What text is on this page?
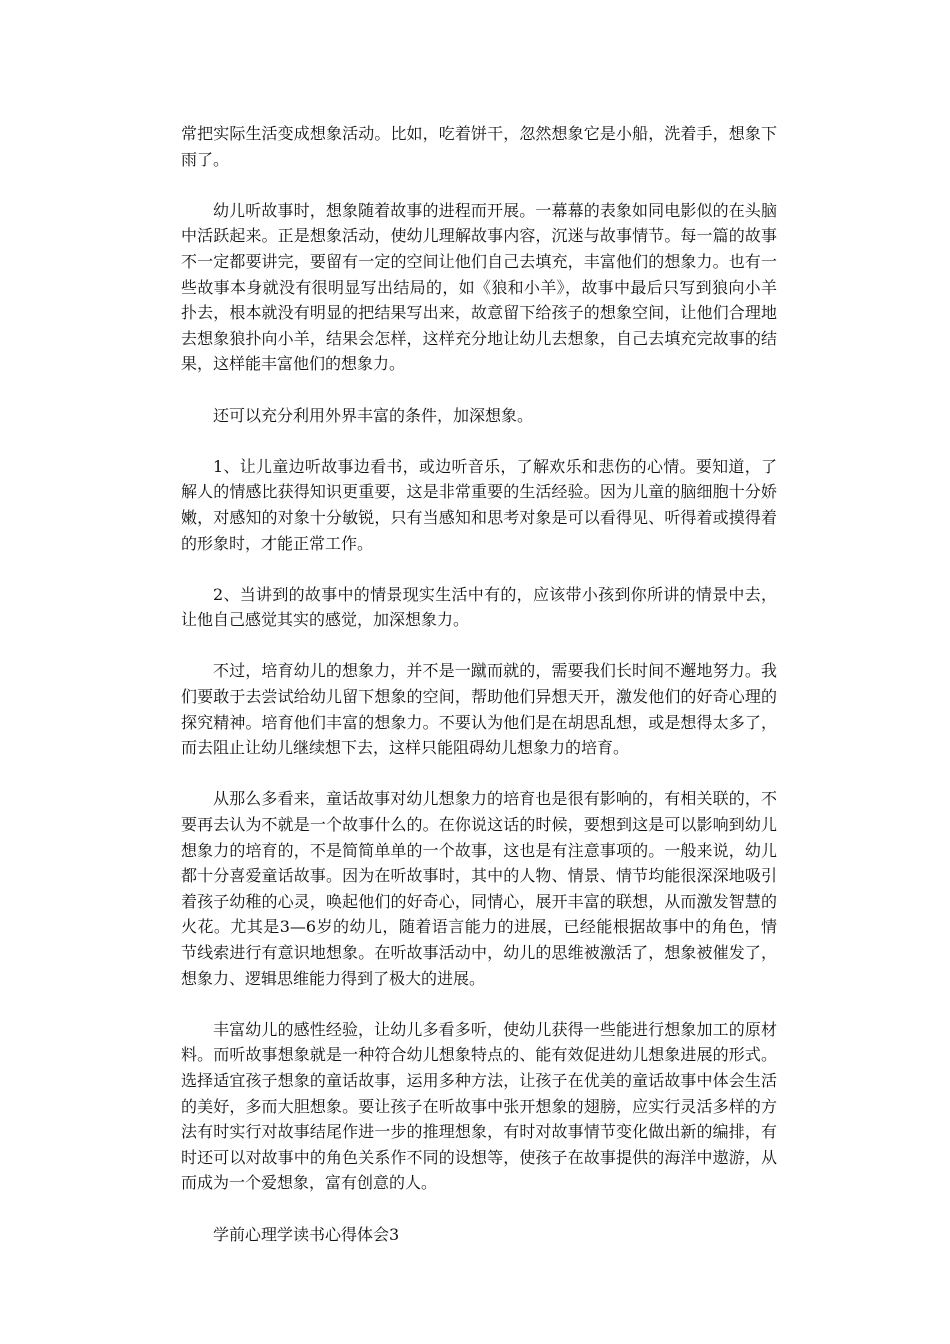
常把实际生活变成想象活动。比如，吃着饼干，忽然想象它是小船，洗着手，想象下雨了。

幼儿听故事时，想象随着故事的进程而开展。一幕幕的表象如同电影似的在头脑中活跃起来。正是想象活动，使幼儿理解故事内容，沉迷与故事情节。每一篇的故事不一定都要讲完，要留有一定的空间让他们自己去填充，丰富他们的想象力。也有一些故事本身就没有很明显写出结局的，如《狼和小羊》，故事中最后只写到狼向小羊扑去，根本就没有明显的把结果写出来，故意留下给孩子的想象空间，让他们合理地去想象狼扑向小羊，结果会怎样，这样充分地让幼儿去想象，自己去填充完故事的结果，这样能丰富他们的想象力。

还可以充分利用外界丰富的条件，加深想象。

1、让儿童边听故事边看书，或边听音乐，了解欢乐和悲伤的心情。要知道，了解人的情感比获得知识更重要，这是非常重要的生活经验。因为儿童的脑细胞十分娇嫩，对感知的对象十分敏锐，只有当感知和思考对象是可以看得见、听得着或摸得着的形象时，才能正常工作。

2、当讲到的故事中的情景现实生活中有的，应该带小孩到你所讲的情景中去，让他自己感觉其实的感觉，加深想象力。

不过，培育幼儿的想象力，并不是一蹴而就的，需要我们长时间不邂地努力。我们要敢于去尝试给幼儿留下想象的空间，帮助他们异想天开，激发他们的好奇心理的探究精神。培育他们丰富的想象力。不要认为他们是在胡思乱想，或是想得太多了，而去阻止让幼儿继续想下去，这样只能阻碍幼儿想象力的培育。

从那么多看来，童话故事对幼儿想象力的培育也是很有影响的，有相关联的，不要再去认为不就是一个故事什么的。在你说这话的时候，要想到这是可以影响到幼儿想象力的培育的，不是简简单单的一个故事，这也是有注意事项的。一般来说，幼儿都十分喜爱童话故事。因为在听故事时，其中的人物、情景、情节均能很深深地吸引着孩子幼稚的心灵，唤起他们的好奇心，同情心，展开丰富的联想，从而激发智慧的火花。尤其是3—6岁的幼儿，随着语言能力的进展，已经能根据故事中的角色，情节线索进行有意识地想象。在听故事活动中，幼儿的思维被激活了，想象被催发了，想象力、逻辑思维能力得到了极大的进展。

丰富幼儿的感性经验，让幼儿多看多听，使幼儿获得一些能进行想象加工的原材料。而听故事想象就是一种符合幼儿想象特点的、能有效促进幼儿想象进展的形式。选择适宜孩子想象的童话故事，运用多种方法，让孩子在优美的童话故事中体会生活的美好，多而大胆想象。要让孩子在听故事中张开想象的翅膀，应实行灵活多样的方法有时实行对故事结尾作进一步的推理想象，有时对故事情节变化做出新的编排，有时还可以对故事中的角色关系作不同的设想等，使孩子在故事提供的海洋中遨游，从而成为一个爱想象，富有创意的人。

学前心理学读书心得体会3
